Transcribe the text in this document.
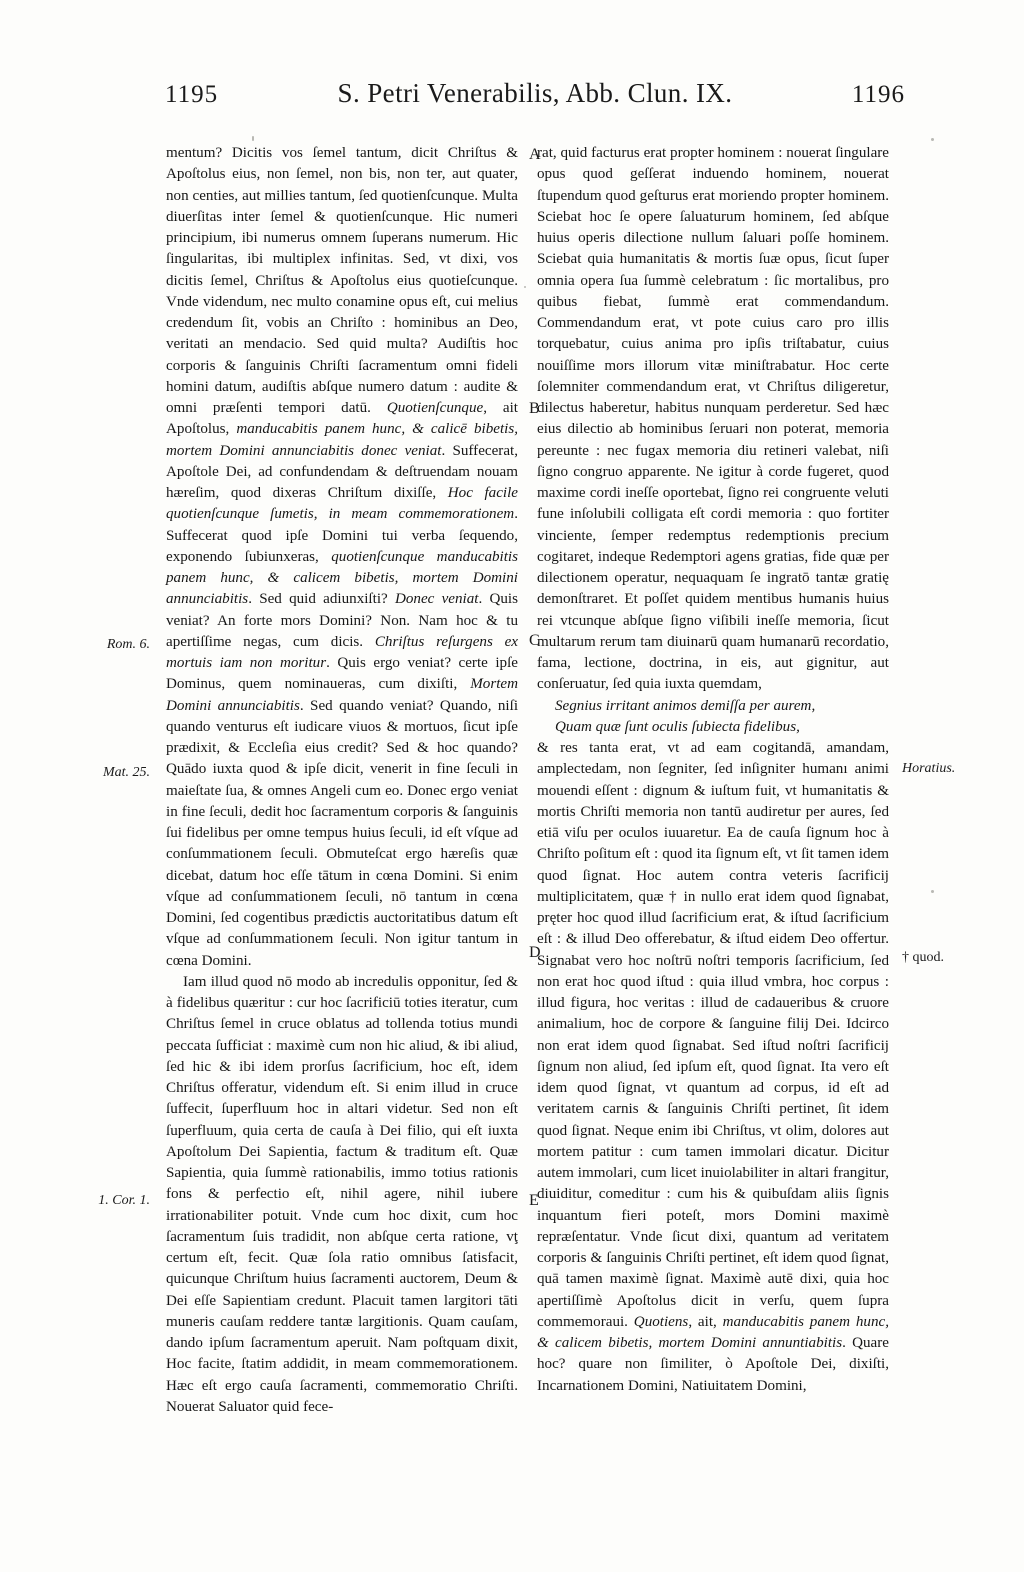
1195	S. Petri Venerabilis, Abb. Clun. IX.	1196
A
B
C
D
E
Rom. 6.
Mat. 25.
1. Cor. 1.
Horatius.
† quod.

mentum? Dicitis vos ſemel tantum, dicit Chriſtus & Apoſtolus eius, non ſemel, non bis, non ter, aut quater, non centies, aut millies tantum, ſed quotienſcunque. Multa diuerſitas inter ſemel & quotienſcunque. Hic numeri principium, ibi numerus omnem ſuperans numerum. Hic ſingularitas, ibi multiplex infinitas. Sed, vt dixi, vos dicitis ſemel, Chriſtus & Apoſtolus eius quotieſcunque. Vnde videndum, nec multo conamine opus eſt, cui melius credendum ſit, vobis an Chriſto : hominibus an Deo, veritati an mendacio. Sed quid multa? Audiſtis hoc corporis & ſanguinis Chriſti ſacramentum omni fideli homini datum, audiſtis abſque numero datum : audite & omni præſenti tempori datū. Quotienſcunque, ait Apoſtolus, manducabitis panem hunc, & calicē bibetis, mortem Domini annunciabitis donec veniat. Suffecerat, Apoſtole Dei, ad confundendam & deſtruendam nouam hæreſim, quod dixeras Chriſtum dixiſſe, Hoc facile quotienſcunque ſumetis, in meam commemorationem. Suffecerat quod ipſe Domini tui verba ſequendo, exponendo ſubiunxeras, quotienſcunque manducabitis panem hunc, & calicem bibetis, mortem Domini annunciabitis. Sed quid adiunxiſti? Donec veniat. Quis veniat? An forte mors Domini? Non. Nam hoc & tu apertiſſime negas, cum dicis. Chriſtus reſurgens ex mortuis iam non moritur. Quis ergo veniat? certe ipſe Dominus, quem nominaueras, cum dixiſti, Mortem Domini annunciabitis. Sed quando veniat? Quando, niſi quando venturus eſt iudicare viuos & mortuos, ſicut ipſe prædixit, & Eccleſia eius credit? Sed & hoc quando? Quādo iuxta quod & ipſe dicit, venerit in fine ſeculi in maieſtate ſua, & omnes Angeli cum eo. Donec ergo veniat in fine ſeculi, dedit hoc ſacramentum corporis & ſanguinis ſui fidelibus per omne tempus huius ſeculi, id eſt vſque ad conſummationem ſeculi. Obmuteſcat ergo hæreſis quæ dicebat, datum hoc eſſe tātum in cœna Domini. Si enim vſque ad conſummationem ſeculi, nō tantum in cœna Domini, ſed cogentibus prædictis auctoritatibus datum eſt vſque ad conſummationem ſeculi. Non igitur tantum in cœna Domini.

Iam illud quod nō modo ab incredulis opponitur, ſed & à fidelibus quæritur : cur hoc ſacrificiū toties iteratur, cum Chriſtus ſemel in cruce oblatus ad tollenda totius mundi peccata ſufficiat : maximè cum non hic aliud, & ibi aliud, ſed hic & ibi idem prorſus ſacrificium, hoc eſt, idem Chriſtus offeratur, videndum eſt. Si enim illud in cruce ſuffecit, ſuperfluum hoc in altari videtur. Sed non eſt ſuperfluum, quia certa de cauſa à Dei filio, qui eſt iuxta Apoſtolum Dei Sapientia, factum & traditum eſt. Quæ Sapientia, quia ſummè rationabilis, immo totius rationis fons & perfectio eſt, nihil agere, nihil iubere irrationabiliter potuit. Vnde cum hoc dixit, cum hoc ſacramentum ſuis tradidit, non abſque certa ratione, vţ certum eſt, fecit. Quæ ſola ratio omnibus ſatisfacit, quicunque Chriſtum huius ſacramenti auctorem, Deum & Dei eſſe Sapientiam credunt. Placuit tamen largitori tāti muneris cauſam reddere tantæ largitionis. Quam cauſam, dando ipſum ſacramentum aperuit. Nam poſtquam dixit, Hoc facite, ſtatim addidit, in meam commemorationem. Hæc eſt ergo cauſa ſacramenti, commemoratio Chriſti. Nouerat Saluator quid fece-

rat, quid facturus erat propter hominem : nouerat ſingulare opus quod geſſerat induendo hominem, nouerat ſtupendum quod geſturus erat moriendo propter hominem. Sciebat hoc ſe opere ſaluaturum hominem, ſed abſque huius operis dilectione nullum ſaluari poſſe hominem. Sciebat quia humanitatis & mortis ſuæ opus, ſicut ſuper omnia opera ſua ſummè celebratum : ſic mortalibus, pro quibus fiebat, ſummè erat commendandum. Commendandum erat, vt pote cuius caro pro illis torquebatur, cuius anima pro ipſis triſtabatur, cuius nouiſſime mors illorum vitæ miniſtrabatur. Hoc certe ſolemniter commendandum erat, vt Chriſtus diligeretur, dilectus haberetur, habitus nunquam perderetur. Sed hæc eius dilectio ab hominibus ſeruari non poterat, memoria pereunte : nec fugax memoria diu retineri valebat, niſi ſigno congruo apparente. Ne igitur à corde fugeret, quod maxime cordi ineſſe oportebat, ſigno rei congruente veluti fune inſolubili colligata eſt cordi memoria : quo fortiter vinciente, ſemper redemptus redemptionis precium cogitaret, indeque Redemptori agens gratias, fide quæ per dilectionem operatur, nequaquam ſe ingratō tantæ gratię demonſtraret. Et poſſet quidem mentibus humanis huius rei vtcunque abſque ſigno viſibili ineſſe memoria, ſicut multarum rerum tam diuinarū quam humanarū recordatio, fama, lectione, doctrina, in eis, aut gignitur, aut conſeruatur, ſed quia iuxta quemdam,

Segnius irritant animos demiſſa per aurem,

Quam quæ ſunt oculis ſubiecta fidelibus,

& res tanta erat, vt ad eam cogitandā, amandam, amplectedam, non ſegniter, ſed inſigniter humanı animi mouendi eſſent : dignum & iuſtum fuit, vt humanitatis & mortis Chriſti memoria non tantū audiretur per aures, ſed etiā viſu per oculos iuuaretur. Ea de cauſa ſignum hoc à Chriſto poſitum eſt : quod ita ſignum eſt, vt ſit tamen idem quod ſignat. Hoc autem contra veteris ſacrificij multiplicitatem, quæ † in nullo erat idem quod ſignabat, pręter hoc quod illud ſacrificium erat, & iſtud ſacrificium eſt : & illud Deo offerebatur, & iſtud eidem Deo offertur. Signabat vero hoc noſtrū noſtri temporis ſacrificium, ſed non erat hoc quod iſtud : quia illud vmbra, hoc corpus : illud figura, hoc veritas : illud de cadaueribus & cruore animalium, hoc de corpore & ſanguine filij Dei. Idcirco non erat idem quod ſignabat. Sed iſtud noſtri ſacrificij ſignum non aliud, ſed ipſum eſt, quod ſignat. Ita vero eſt idem quod ſignat, vt quantum ad corpus, id eſt ad veritatem carnis & ſanguinis Chriſti pertinet, ſit idem quod ſignat. Neque enim ibi Chriſtus, vt olim, dolores aut mortem patitur : cum tamen immolari dicatur. Dicitur autem immolari, cum licet inuiolabiliter in altari frangitur, diuiditur, comeditur : cum his & quibuſdam aliis ſignis inquantum fieri poteſt, mors Domini maximè repræſentatur. Vnde ſicut dixi, quantum ad veritatem corporis & ſanguinis Chriſti pertinet, eſt idem quod ſignat, quā tamen maximè ſignat. Maximè autē dixi, quia hoc apertiſſimè Apoſtolus dicit in verſu, quem ſupra commemoraui. Quotiens, ait, manducabitis panem hunc, & calicem bibetis, mortem Domini annuntiabitis. Quare hoc? quare non ſimiliter, ò Apoſtole Dei, dixiſti, Incarnationem Domini, Natiuitatem Domini,
